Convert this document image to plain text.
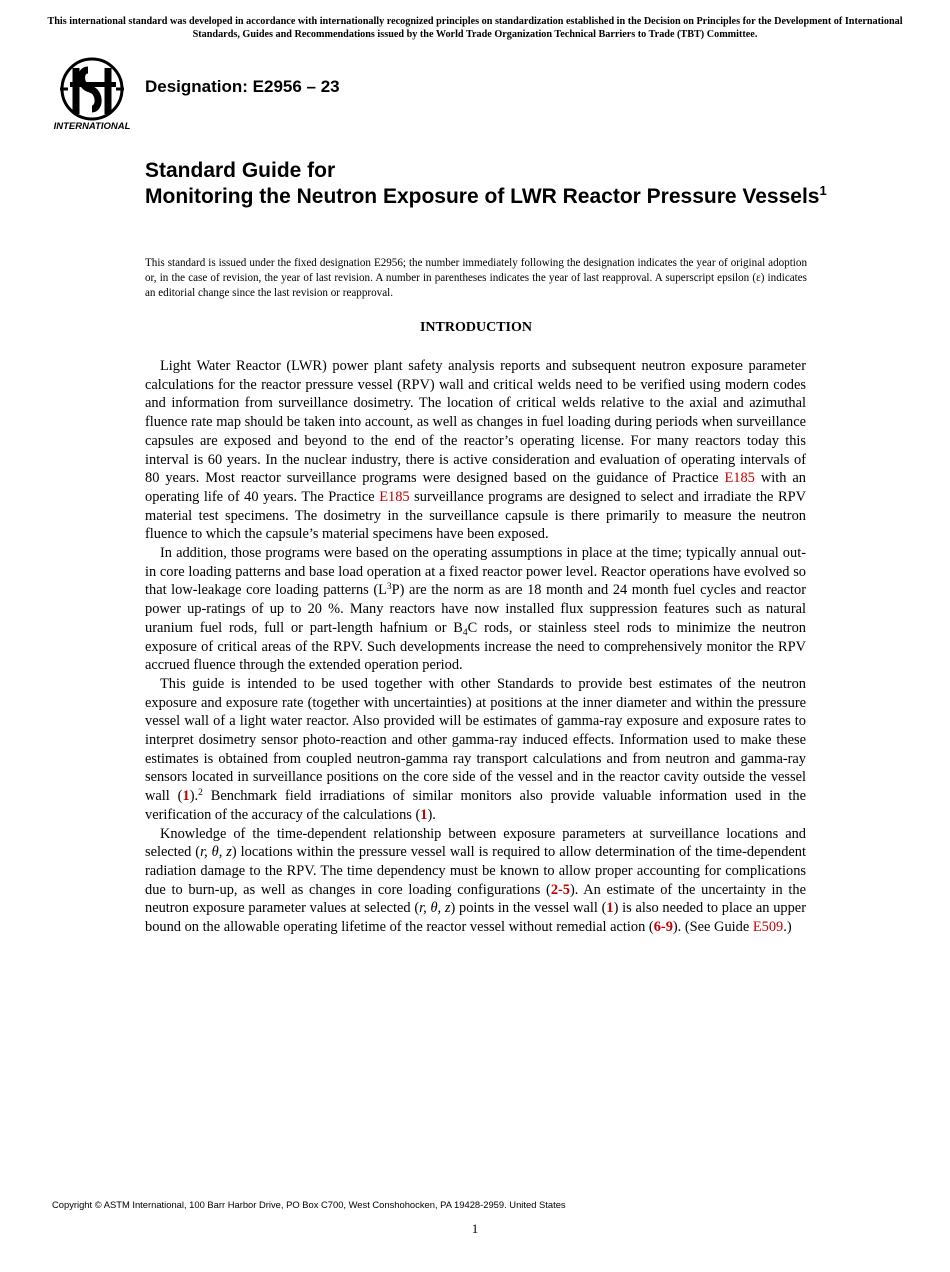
This international standard was developed in accordance with internationally recognized principles on standardization established in the Decision on Principles for the Development of International Standards, Guides and Recommendations issued by the World Trade Organization Technical Barriers to Trade (TBT) Committee.
INTERNATIONAL
Designation: E2956 – 23
Standard Guide for
Monitoring the Neutron Exposure of LWR Reactor Pressure Vessels$^1$
This standard is issued under the fixed designation E2956; the number immediately following the designation indicates the year of original adoption or, in the case of revision, the year of last revision. A number in parentheses indicates the year of last reapproval. A superscript epsilon (ε) indicates an editorial change since the last revision or reapproval.
INTRODUCTION

Light Water Reactor (LWR) power plant safety analysis reports and subsequent neutron exposure parameter calculations for the reactor pressure vessel (RPV) wall and critical welds need to be verified using modern codes and information from surveillance dosimetry. The location of critical welds relative to the axial and azimuthal fluence rate map should be taken into account, as well as changes in fuel loading during periods when surveillance capsules are exposed and beyond to the end of the reactor’s operating license. For many reactors today this interval is 60 years. In the nuclear industry, there is active consideration and evaluation of operating intervals of 80 years. Most reactor surveillance programs were designed based on the guidance of Practice E185 with an operating life of 40 years. The Practice E185 surveillance programs are designed to select and irradiate the RPV material test specimens. The dosimetry in the surveillance capsule is there primarily to measure the neutron fluence to which the capsule’s material specimens have been exposed.

In addition, those programs were based on the operating assumptions in place at the time; typically annual out-in core loading patterns and base load operation at a fixed reactor power level. Reactor operations have evolved so that low-leakage core loading patterns $(L^3P)$ are the norm as are 18 month and 24 month fuel cycles and reactor power up-ratings of up to 20 %. Many reactors have now installed flux suppression features such as natural uranium fuel rods, full or part-length hafnium or $B_4C$ rods, or stainless steel rods to minimize the neutron exposure of critical areas of the RPV. Such developments increase the need to comprehensively monitor the RPV accrued fluence through the extended operation period.

This guide is intended to be used together with other Standards to provide best estimates of the neutron exposure and exposure rate (together with uncertainties) at positions at the inner diameter and within the pressure vessel wall of a light water reactor. Also provided will be estimates of gamma-ray exposure and exposure rates to interpret dosimetry sensor photo-reaction and other gamma-ray induced effects. Information used to make these estimates is obtained from coupled neutron-gamma ray transport calculations and from neutron and gamma-ray sensors located in surveillance positions on the core side of the vessel and in the reactor cavity outside the vessel wall (1).$^2$ Benchmark field irradiations of similar monitors also provide valuable information used in the verification of the accuracy of the calculations (1).

Knowledge of the time-dependent relationship between exposure parameters at surveillance locations and selected (r, θ, z) locations within the pressure vessel wall is required to allow determination of the time-dependent radiation damage to the RPV. The time dependency must be known to allow proper accounting for complications due to burn-up, as well as changes in core loading configurations (2-5). An estimate of the uncertainty in the neutron exposure parameter values at selected (r, θ, z) points in the vessel wall (1) is also needed to place an upper bound on the allowable operating lifetime of the reactor vessel without remedial action (6-9). (See Guide E509.)

Copyright © ASTM International, 100 Barr Harbor Drive, PO Box C700, West Conshohocken, PA 19428-2959. United States
1
